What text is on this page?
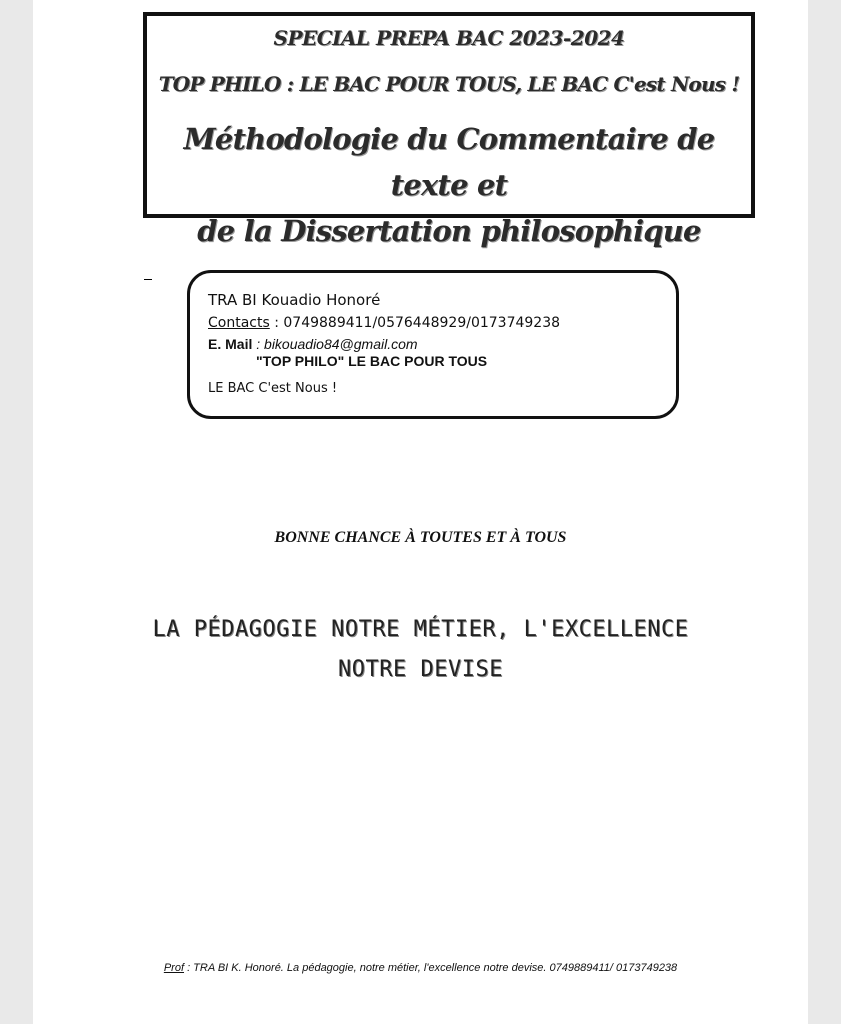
SPECIAL PREPA BAC 2023-2024
TOP PHILO : LE BAC POUR TOUS, LE BAC C'est Nous !
Méthodologie du Commentaire de texte et
de la Dissertation philosophique
TRA BI Kouadio Honoré
Contacts : 0749889411/0576448929/0173749238
E. Mail : bikouadio84@gmail.com
"TOP PHILO" LE BAC POUR TOUS
LE BAC C'est Nous !
BONNE CHANCE À TOUTES ET À TOUS
LA PÉDAGOGIE NOTRE MÉTIER, L'EXCELLENCE
NOTRE DEVISE
Prof : TRA BI K. Honoré. La pédagogie, notre métier, l'excellence notre devise. 0749889411/ 0173749238
